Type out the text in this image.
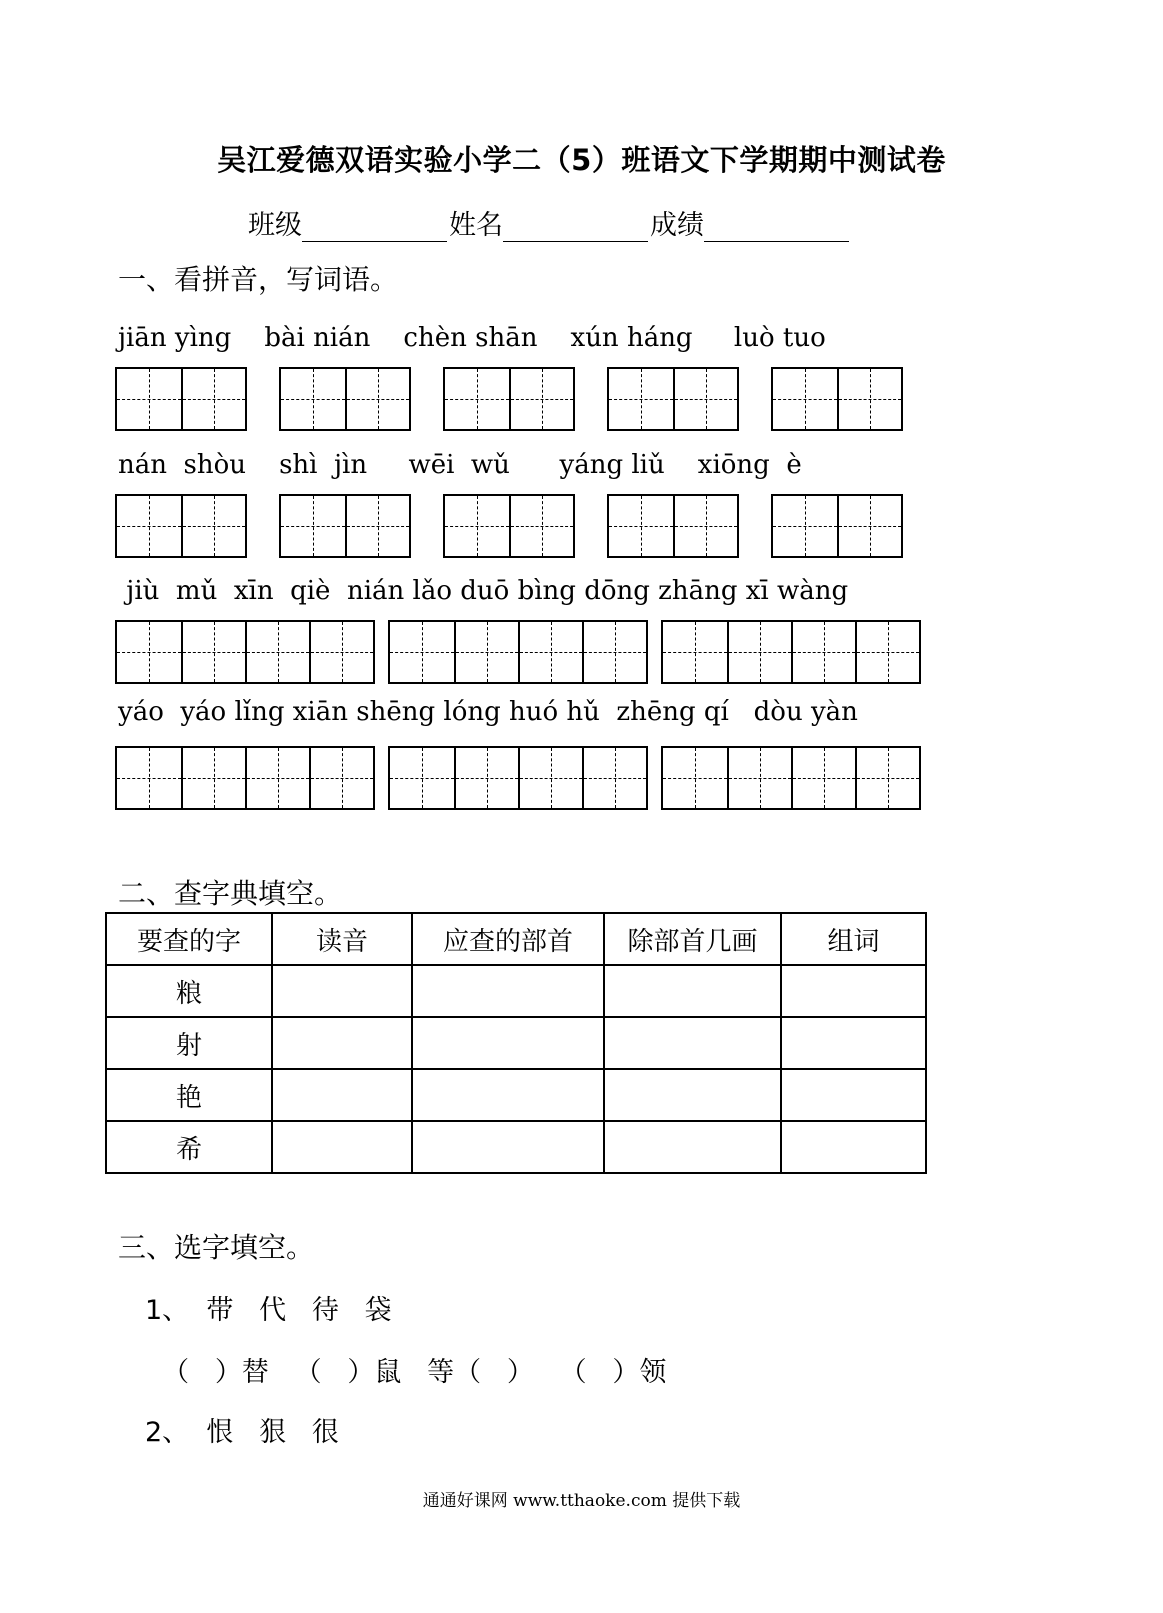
吴江爱德双语实验小学二（5）班语文下学期期中测试卷
班级	姓名	成绩
一、看拼音，写词语。
jiān yìng    bài nián    chèn shān    xún háng     luò tuo
nán  shòu    shì  jìn     wēi  wǔ      yáng liǔ    xiōng  è
jiù  mǔ  xīn  qiè  nián lǎo duō bìng dōng zhāng xī wàng
yáo  yáo lǐng xiān shēng lóng huó hǔ  zhēng qí   dòu yàn
二、查字典填空。
要查的字	读音	应查的部首	除部首几画	组词
粮				
射				
艳				
希				
三、选字填空。
1、  带   代   待   袋
（   ）替   （   ）鼠   等（   ）   （   ）领
2、  恨   狠   很
通通好课网 www.tthaoke.com 提供下载
